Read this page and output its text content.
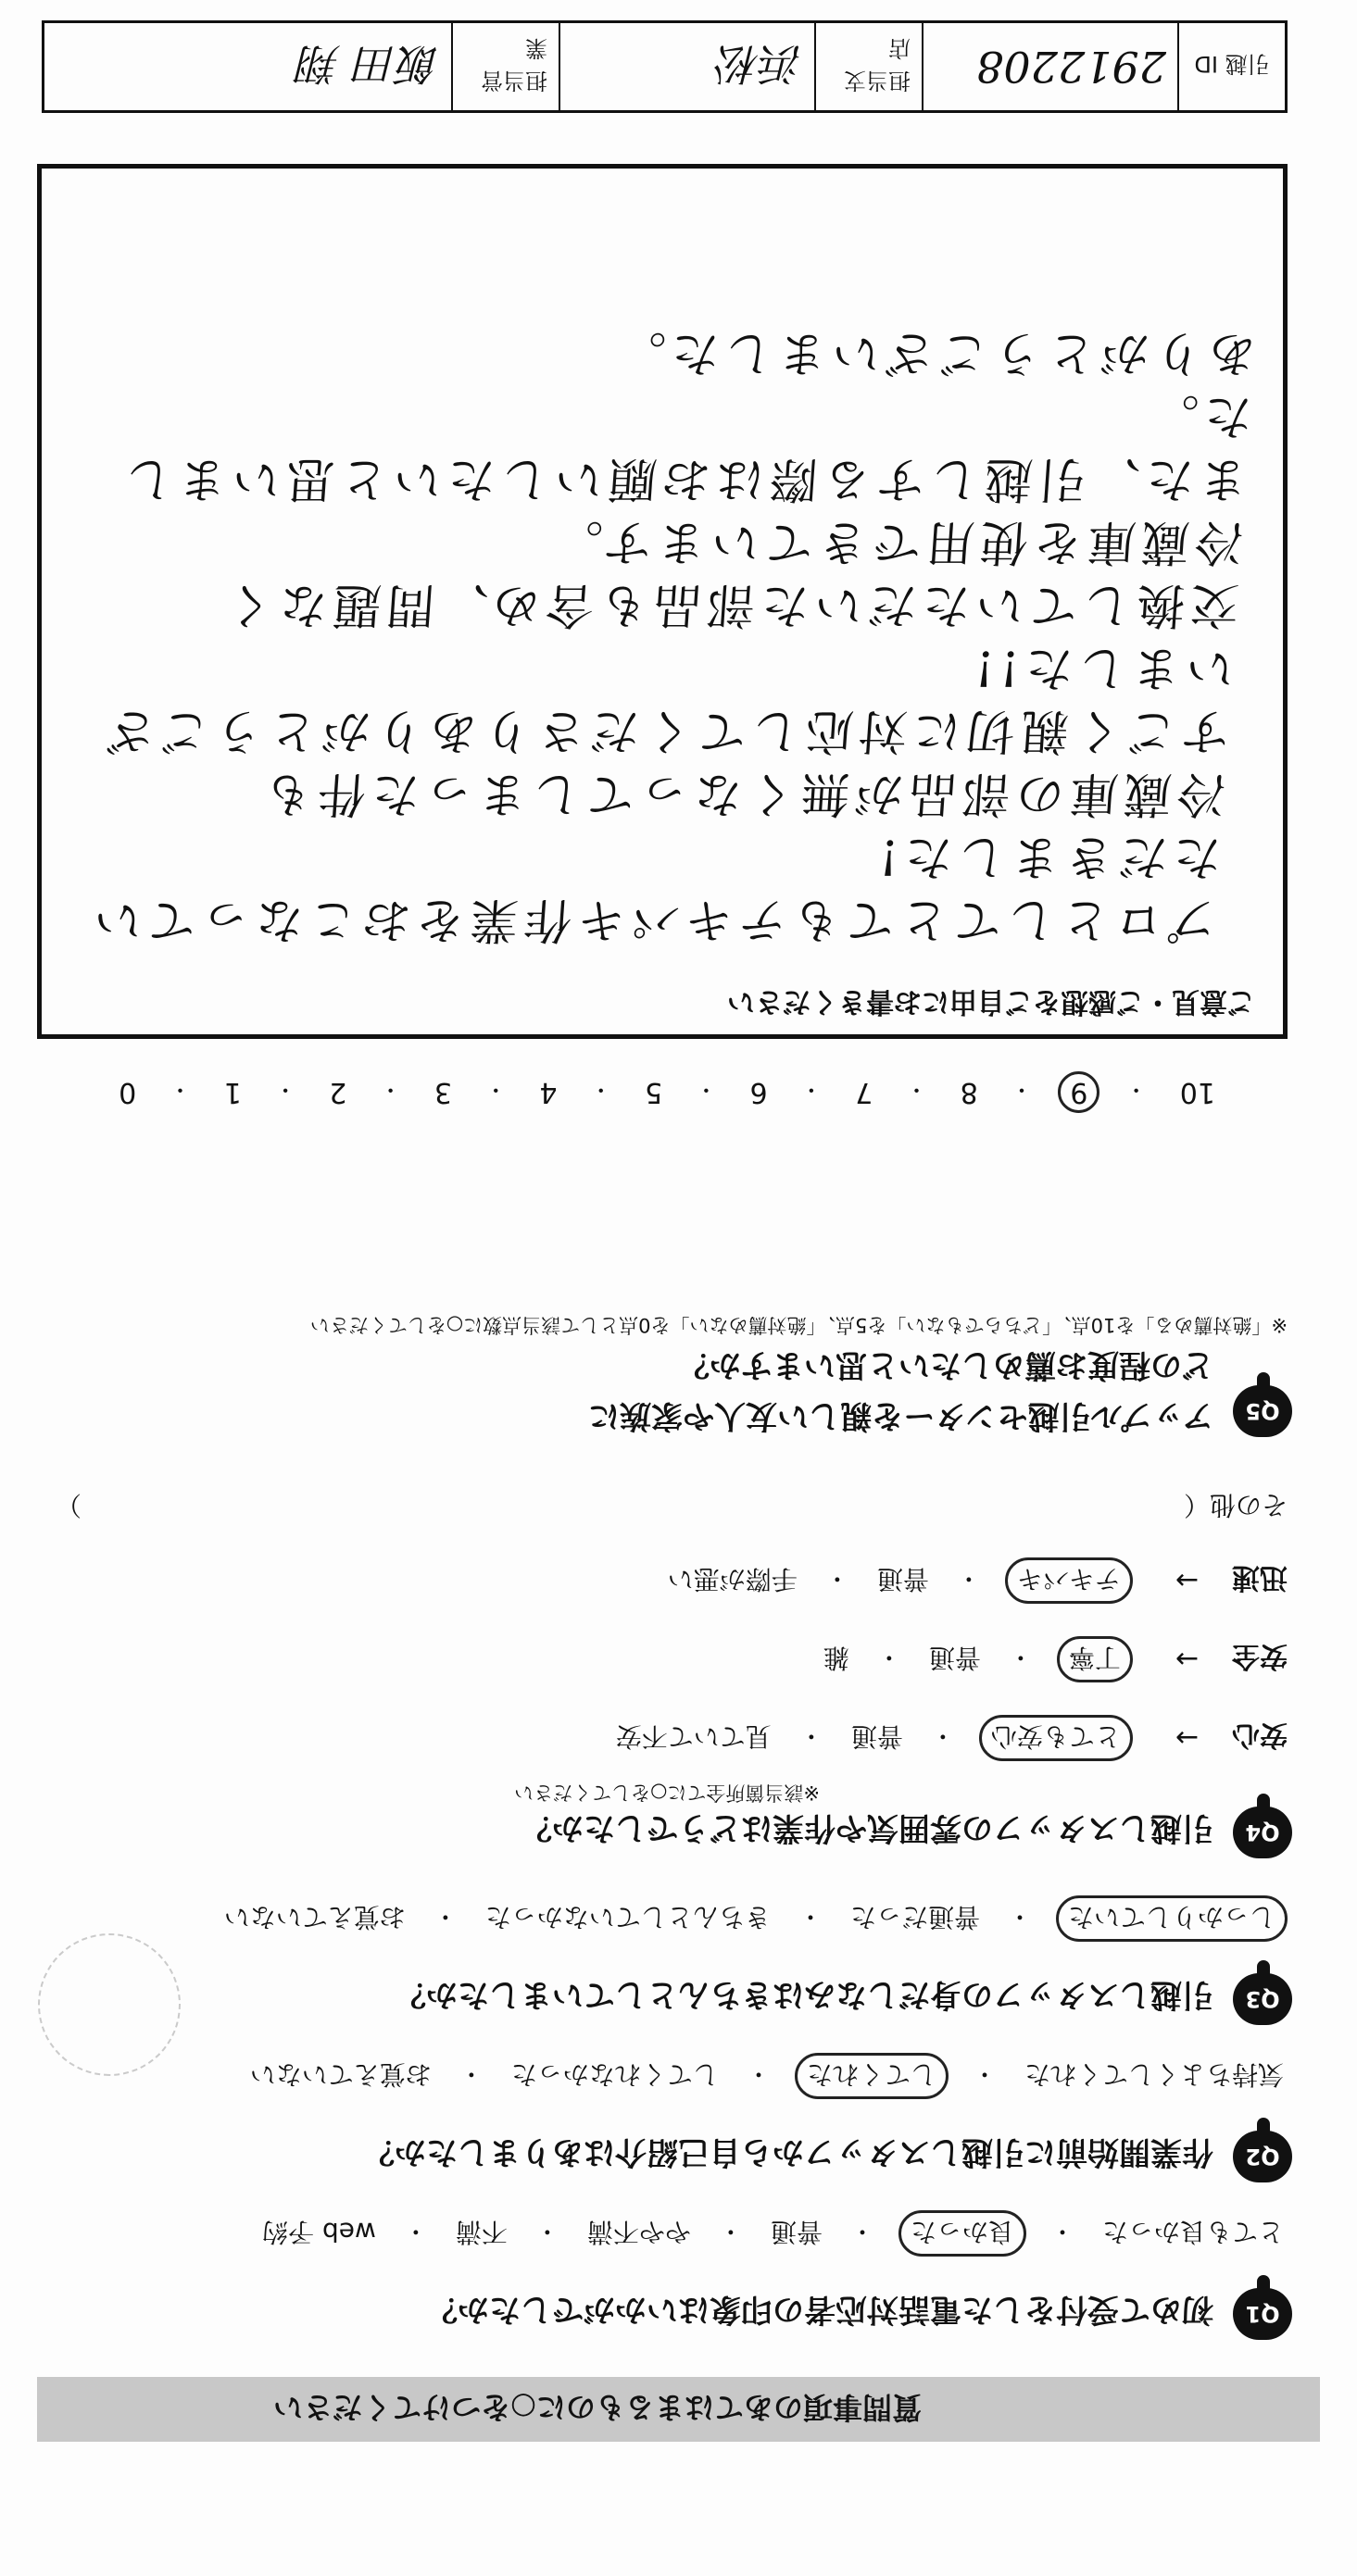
質問事項のあてはまるものに○をつけてください
Q1
初めて受付をした電話対応者の印象はいかがでしたか？
とても良かった
・
良かった
・
普通
・
やや不満
・
不満
・
web 予約
Q2
作業開始前に引越しスタッフから自己紹介はありましたか？
気持ちよくしてくれた
・
してくれた
・
してくれなかった
・
お覚えていない
Q3
引越しスタッフの身だしなみはきちんとしていましたか？
しっかりしていた
・
普通だった
・
きちんとしていなかった
・
お覚えていない
Q4
引越しスタッフの雰囲気や作業はどうでしたか？
※該当箇所全てに○をしてください
安心
→
とても安心
・
普通
・
見ていて不安
安全
→
丁寧
・
普通
・
雑
迅速
→
テキパキ
・
普通
・
手際が悪い
その他（
）
Q5
アップル引越センターを親しい友人や家族に
どの程度お薦めしたいと思いますか？
※「絶対薦める」を10点、「どちらでもない」を5点、「絶対薦めない」を0点として該当点数に○をしてください
10
・
9
・
8
・
7
・
6
・
5
・
4
・
3
・
2
・
1
・
0
ご意見・ご感想をご自由にお書きください
プロとしてとてもテキパキ作業をおこなっていただきました!
冷蔵庫の部品が無くなってしまった件も
すごく親切に対応してくださりありがとうございました!!
交換していただいた部品も含め、問題なく
冷蔵庫を使用できています。
また、引越しする際はお願いしたいと思いました。
ありがとうございました。
引越 ID
2912208
担当支店
浜松
担当営業
飯田 翔
